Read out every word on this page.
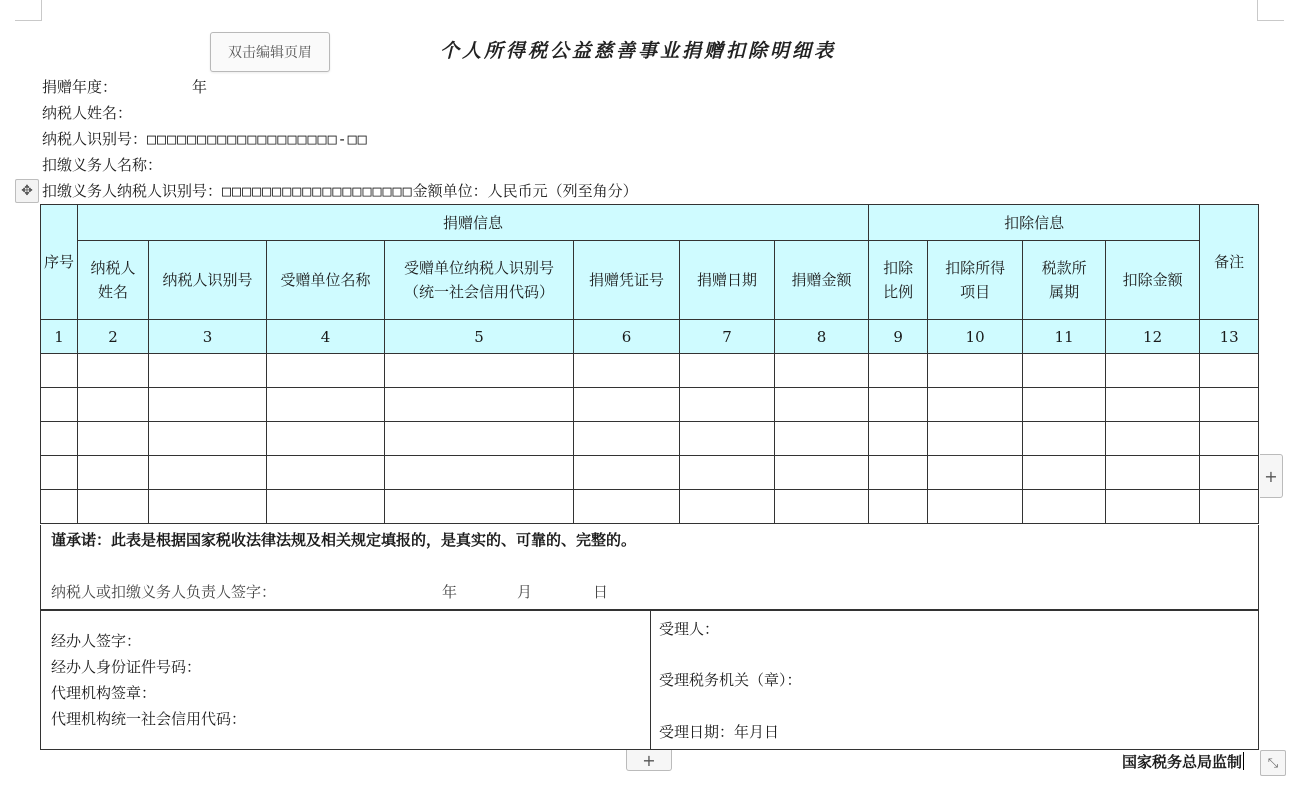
双击编辑页眉	个人所得税公益慈善事业捐赠扣除明细表
捐赠年度：	年
纳税人姓名：
纳税人识别号：□□□□□□□□□□□□□□□□□□□-□□
扣缴义务人名称：
扣缴义务人纳税人识别号：□□□□□□□□□□□□□□□□□□□金额单位：人民币元（列至角分）
✥
序号	捐赠信息							扣除信息				备注
	纳税人姓名	纳税人识别号	受赠单位名称	受赠单位纳税人识别号（统一社会信用代码）	捐赠凭证号	捐赠日期	捐赠金额	扣除比例	扣除所得项目	税款所属期	扣除金额	
1	2	3	4	5	6	7	8	9	10	11	12	13

谨承诺：此表是根据国家税收法律法规及相关规定填报的，是真实的、可靠的、完整的。
纳税人或扣缴义务人负责人签字：	年	月	日
经办人签字：
经办人身份证件号码：
代理机构签章：
代理机构统一社会信用代码：
受理人：
受理税务机关（章）：
受理日期：年月日
+
+	国家税务总局监制	⤡
